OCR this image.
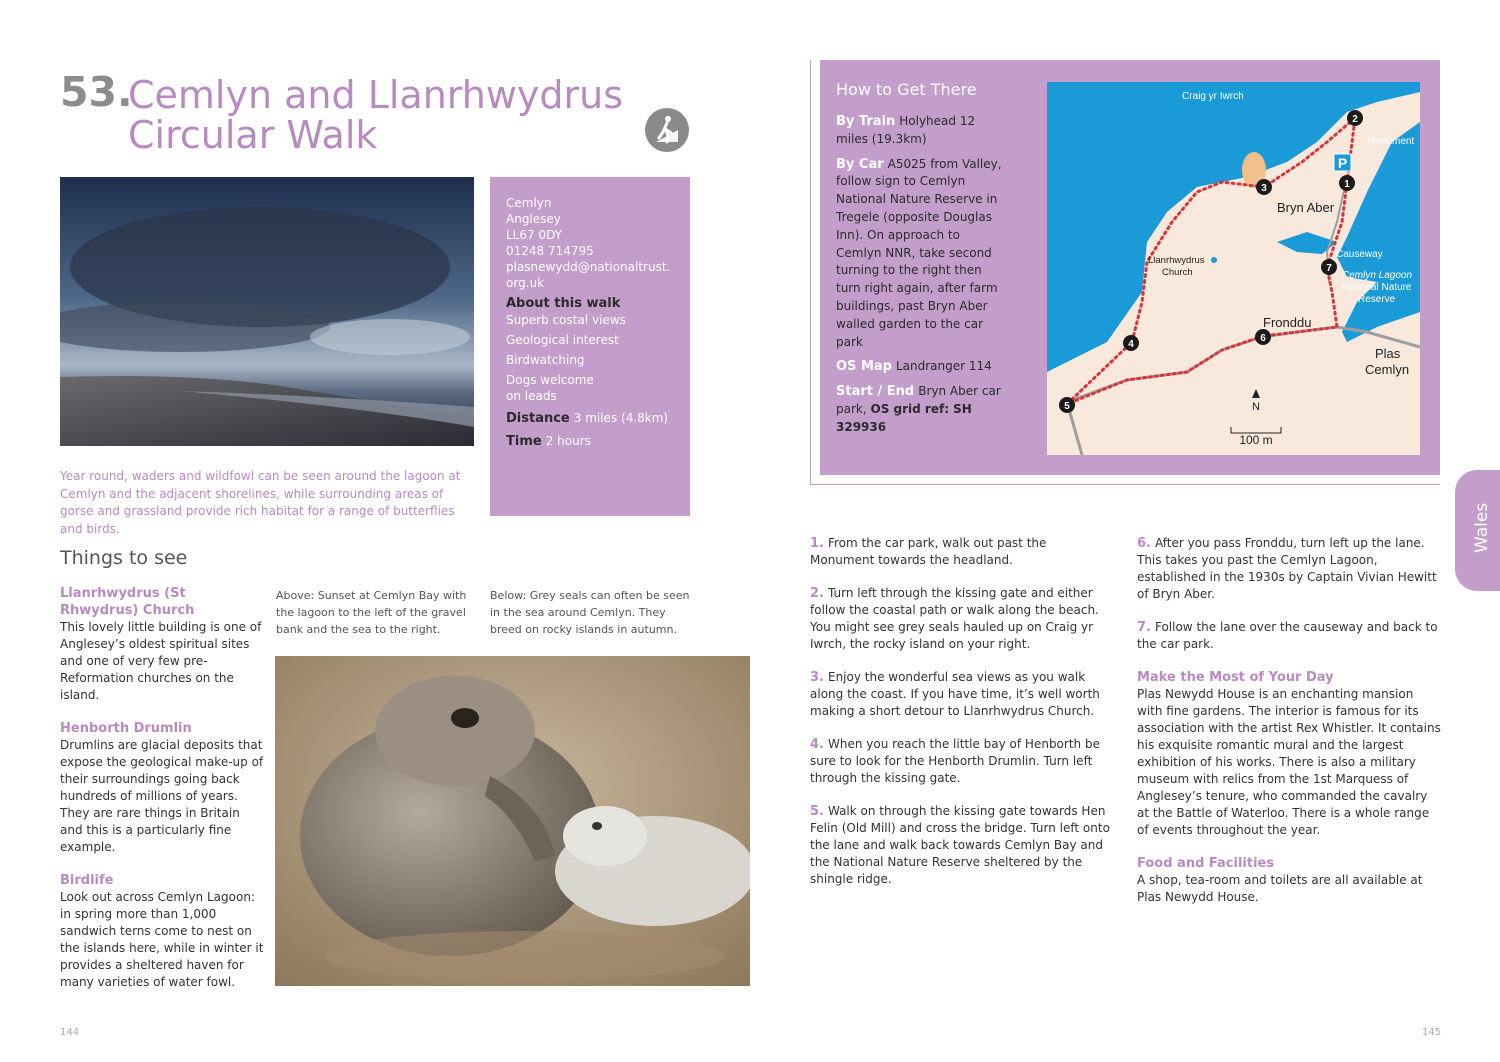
53.
Cemlyn and Llanrhwydrus
Circular Walk
Cemlyn
Anglesey
LL67 0DY
01248 714795
plasnewydd@nationaltrust.
org.uk
About this walk
Superb costal views
Geological interest
Birdwatching
Dogs welcome
on leads
Distance 3 miles (4.8km)
Time 2 hours
Year round, waders and wildfowl can be seen around the lagoon at Cemlyn and the adjacent shorelines, while surrounding areas of gorse and grassland provide rich habitat for a range of butterflies and birds.
Things to see
Llanrhwydrus (St Rhwydrus) Church
This lovely little building is one of Anglesey’s oldest spiritual sites and one of very few pre-Reformation churches on the island.
Henborth Drumlin
Drumlins are glacial deposits that expose the geological make-up of their surroundings going back hundreds of millions of years. They are rare things in Britain and this is a particularly fine example.
Birdlife
Look out across Cemlyn Lagoon: in spring more than 1,000 sandwich terns come to nest on the islands here, while in winter it provides a sheltered haven for many varieties of water fowl.
Above: Sunset at Cemlyn Bay with the lagoon to the left of the gravel bank and the sea to the right.
Below: Grey seals can often be seen in the sea around Cemlyn. They breed on rocky islands in autumn.
144
How to Get There

By Train Holyhead 12 miles (19.3km)

By Car A5025 from Valley, follow sign to Cemlyn National Nature Reserve in Tregele (opposite Douglas Inn). On approach to Cemlyn NNR, take second turning to the right then turn right again, after farm buildings, past Bryn Aber walled garden to the car park

OS Map Landranger 114

Start / End Bryn Aber car park, OS grid ref: SH 329936

1
2
3
4
5
6
7
P
Craig yr Iwrch
Monument
Bryn Aber
Llanrhwydrus
Church
Causeway
Cemlyn Lagoon
National Nature
Reserve
Fronddu
Plas
Cemlyn
N
100 m
1. From the car park, walk out past the Monument towards the headland.
2. Turn left through the kissing gate and either follow the coastal path or walk along the beach. You might see grey seals hauled up on Craig yr Iwrch, the rocky island on your right.
3. Enjoy the wonderful sea views as you walk along the coast. If you have time, it’s well worth making a short detour to Llanrhwydrus Church.
4. When you reach the little bay of Henborth be sure to look for the Henborth Drumlin. Turn left through the kissing gate.
5. Walk on through the kissing gate towards Hen Felin (Old Mill) and cross the bridge. Turn left onto the lane and walk back towards Cemlyn Bay and the National Nature Reserve sheltered by the shingle ridge.
6. After you pass Fronddu, turn left up the lane. This takes you past the Cemlyn Lagoon, established in the 1930s by Captain Vivian Hewitt of Bryn Aber.
7. Follow the lane over the causeway and back to the car park.
Make the Most of Your Day
Plas Newydd House is an enchanting mansion with fine gardens. The interior is famous for its association with the artist Rex Whistler. It contains his exquisite romantic mural and the largest exhibition of his works. There is also a military museum with relics from the 1st Marquess of Anglesey’s tenure, who commanded the cavalry at the Battle of Waterloo. There is a whole range of events throughout the year.
Food and Facilities
A shop, tea-room and toilets are all available at Plas Newydd House.
Wales
145
